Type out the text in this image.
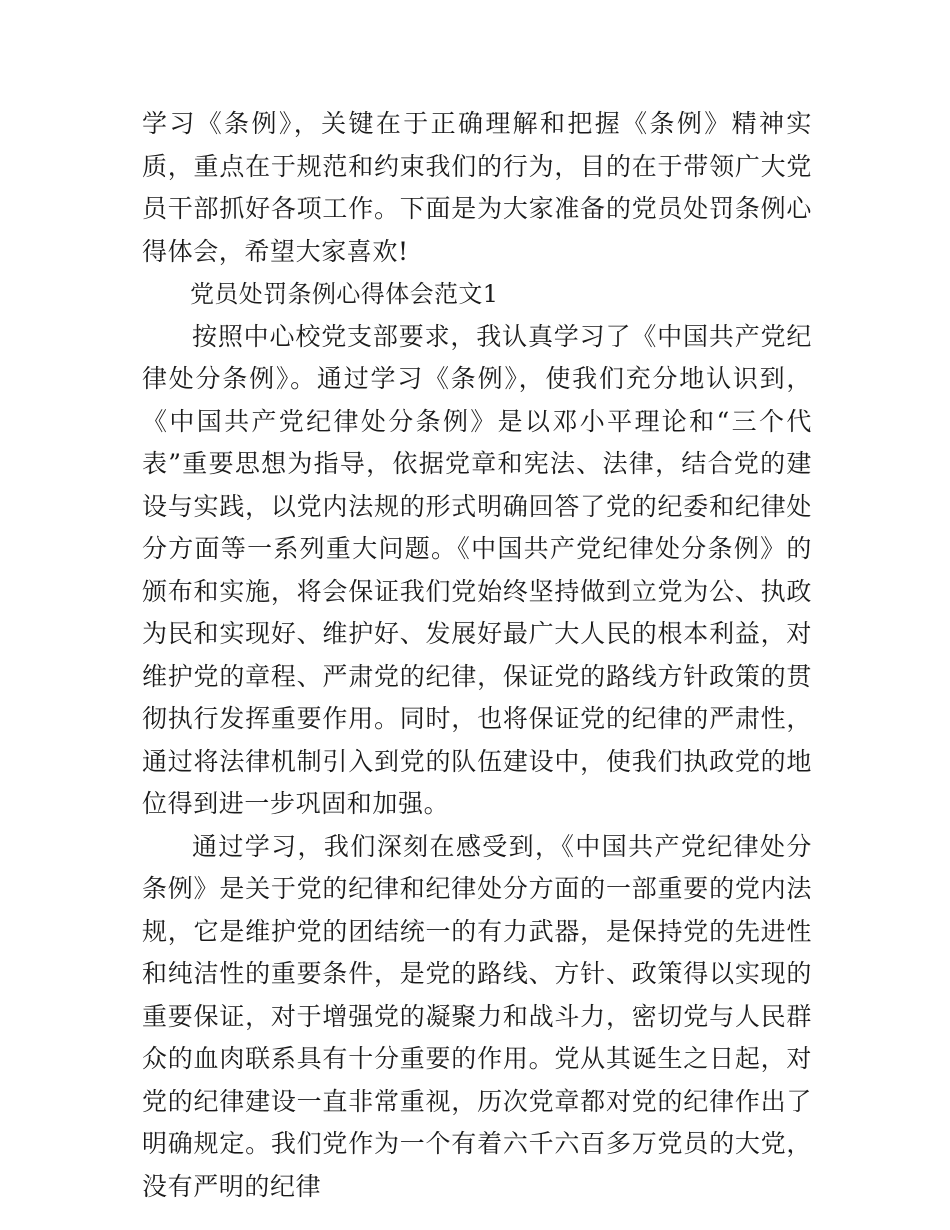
学习《条例》，关键在于正确理解和把握《条例》精神实质，重点在于规范和约束我们的行为，目的在于带领广大党员干部抓好各项工作。下面是为大家准备的党员处罚条例心得体会，希望大家喜欢!

党员处罚条例心得体会范文1

按照中心校党支部要求，我认真学习了《中国共产党纪律处分条例》。通过学习《条例》，使我们充分地认识到，《中国共产党纪律处分条例》是以邓小平理论和“三个代表”重要思想为指导，依据党章和宪法、法律，结合党的建设与实践，以党内法规的形式明确回答了党的纪委和纪律处分方面等一系列重大问题。《中国共产党纪律处分条例》的颁布和实施，将会保证我们党始终坚持做到立党为公、执政为民和实现好、维护好、发展好最广大人民的根本利益，对维护党的章程、严肃党的纪律，保证党的路线方针政策的贯彻执行发挥重要作用。同时，也将保证党的纪律的严肃性，通过将法律机制引入到党的队伍建设中，使我们执政党的地位得到进一步巩固和加强。

通过学习，我们深刻在感受到，《中国共产党纪律处分条例》是关于党的纪律和纪律处分方面的一部重要的党内法规，它是维护党的团结统一的有力武器，是保持党的先进性和纯洁性的重要条件，是党的路线、方针、政策得以实现的重要保证，对于增强党的凝聚力和战斗力，密切党与人民群众的血肉联系具有十分重要的作用。党从其诞生之日起，对党的纪律建设一直非常重视，历次党章都对党的纪律作出了明确规定。我们党作为一个有着六千六百多万党员的大党，没有严明的纪律
